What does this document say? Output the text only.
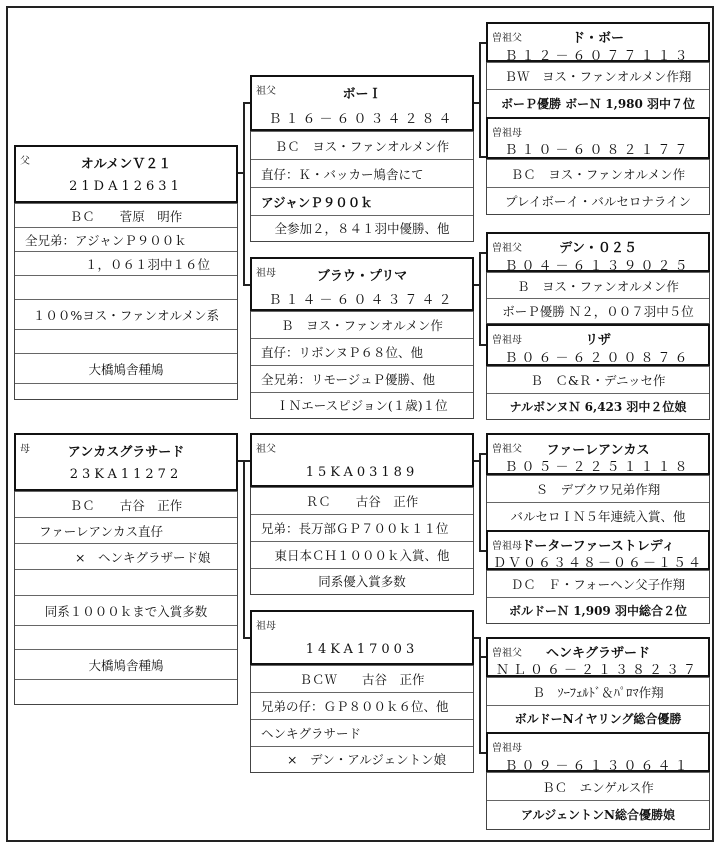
父	オルメンＶ２１
21DA12631
ＢＣ　　菅原　明作
全兄弟：アジャンＰ９００ｋ
１，０６１羽中１６位
１００%ヨス・ファンオルメン系
大橋鳩舎種鳩
母	アンカスグラサード
23KA11272
ＢＣ　　古谷　正作
ファーレアンカス直仔
×　ヘンキグラザード娘
同系１０００ｋまで入賞多数
大橋鳩舎種鳩
祖父	ボーＩ
Ｂ１６－６０３４２８４
ＢＣ　ヨス・ファンオルメン作
直仔：Ｋ・バッカー鳩舎にて
アジャンＰ９００ｋ
全参加２，８４１羽中優勝、他
祖母	ブラウ・プリマ
Ｂ１４－６０４３７４２
Ｂ　ヨス・ファンオルメン作
直仔：リボンヌＰ６８位、他
全兄弟：リモージュＰ優勝、他
ＩＮエースピジョン(１歳)１位
祖父
15KA03189
ＲＣ　　古谷　正作
兄弟：長万部ＧＰ７００ｋ１１位
東日本ＣＨ１０００ｋ入賞、他
同系優入賞多数
祖母
14KA17003
ＢＣＷ　　古谷　正作
兄弟の仔：ＧＰ８００ｋ６位、他
ヘンキグラサード
×　デン・アルジェントン娘
曽祖父	ド・ボー
Ｂ１２－６０７７１１３
ＢＷ　ヨス・ファンオルメン作翔
ボーＰ優勝 ボーＮ 1,980 羽中７位
曽祖母
Ｂ１０－６０８２１７７
ＢＣ　ヨス・ファンオルメン作
プレイボーイ・バルセロナライン
曽祖父	デン・０２５
Ｂ０４－６１３９０２５
Ｂ　ヨス・ファンオルメン作
ボーＰ優勝 Ｎ２，００７羽中５位
曽祖母	リザ
Ｂ０６－６２００８７６
Ｂ　Ｃ&Ｒ・デニッセ作
ナルボンヌＮ 6,423 羽中２位娘
曽祖父	ファーレアンカス
Ｂ０５－２２５１１１８
Ｓ　デブクワ兄弟作翔
バルセロＩＮ５年連続入賞、他
曽祖母 ドーターファーストレディ
ＤＶ０６３４８－０６－１５４
ＤＣ　Ｆ・フォーヘン父子作翔
ボルドーＮ 1,909 羽中総合２位
曽祖父	ヘンキグラザード
ＮＬ０６－２１３８２３７
Ｂ　ｿｰﾌｪﾙﾄﾞ＆ﾊﾟﾛﾏ作翔
ボルドーNイヤリング総合優勝
曽祖母
Ｂ０９－６１３０６４１
ＢＣ　エンゲルス作
アルジェントンN総合優勝娘
